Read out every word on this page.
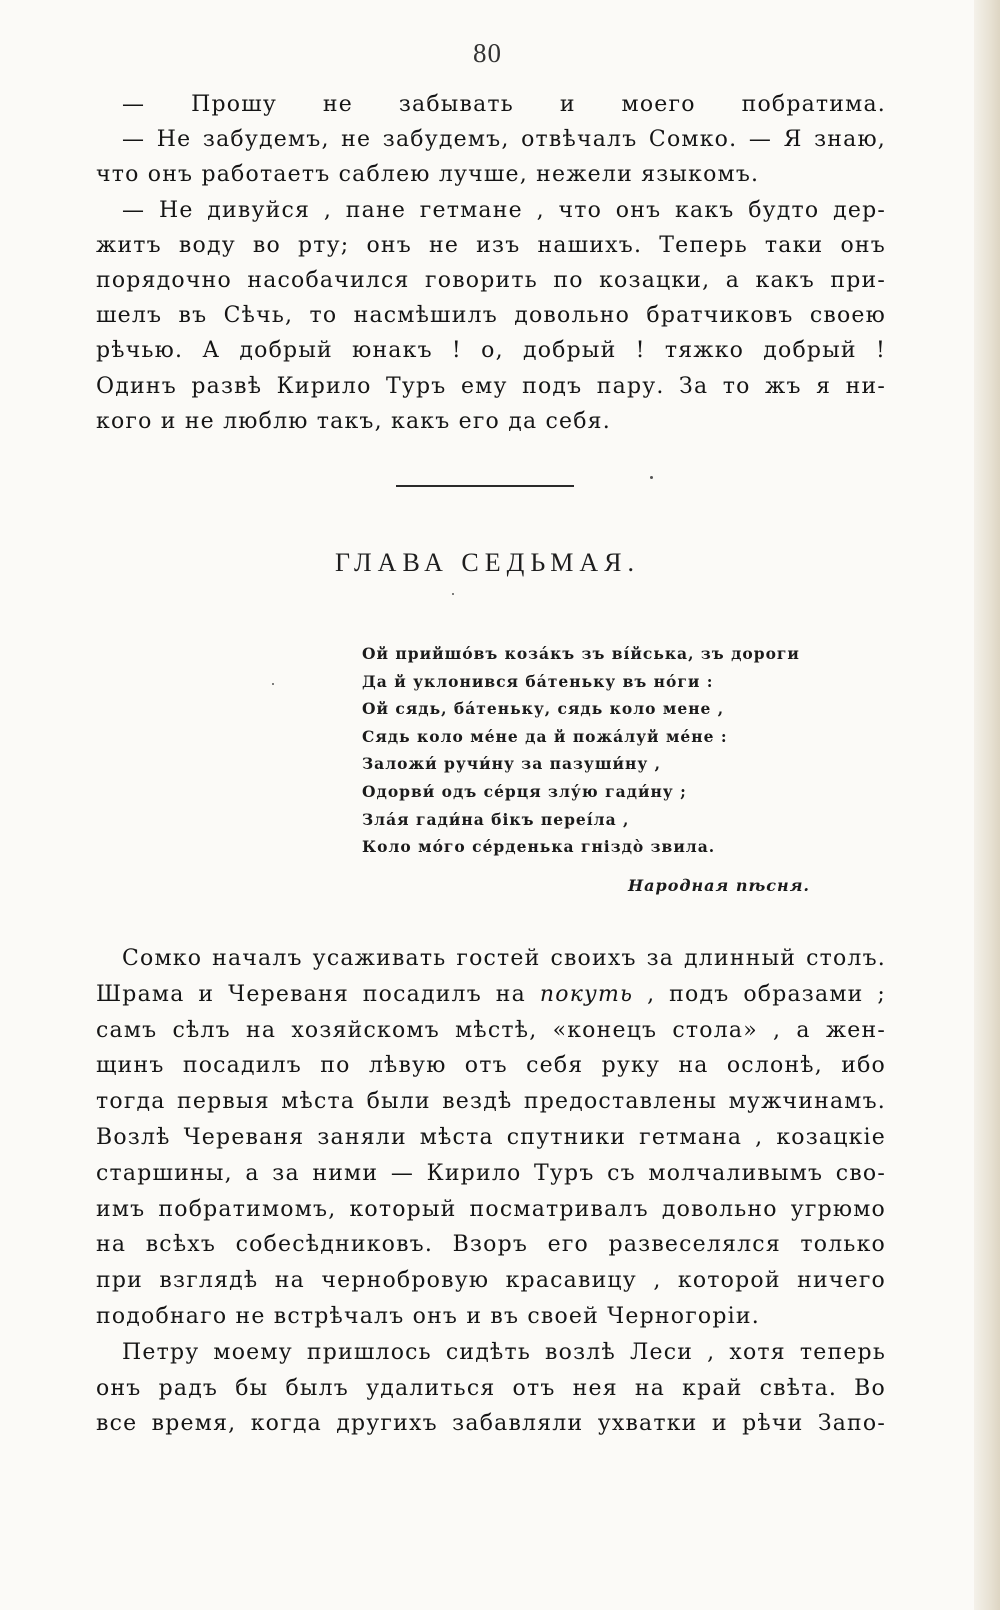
80
— Прошу не забывать и моего побратима.
— Не забудемъ, не забудемъ, отвѣчалъ Сомко. — Я знаю,
что онъ работаетъ саблею лучше, нежели языкомъ.
— Не дивуйся , пане гетмане , что онъ какъ будто дер-
житъ воду во рту; онъ не изъ нашихъ. Теперь таки онъ
порядочно насобачился говорить по козацки, а какъ при-
шелъ въ Сѣчь, то насмѣшилъ довольно братчиковъ своею
рѣчью. А добрый юнакъ ! о, добрый ! тяжко добрый !
Одинъ развѣ Кирило Туръ ему подъ пару. За то жъ я ни-
кого и не люблю такъ, какъ его да себя.
ГЛАВА СЕДЬМАЯ.
Ой прийшо́въ коза́къ зъ ві́йська, зъ дороги
Да й уклонився ба́теньку въ но́ги :
Ой сядь, ба́теньку, сядь коло мене ,
Сядь коло ме́не да й пожа́луй ме́не :
Заложи́ ручи́ну за пазуши́ну ,
Одорви́ одъ се́рця злу́ю гади́ну ;
Зла́я гади́на бікъ переі́ла ,
Коло мо́го се́рденька гніздо̀ звила.
Народная пѣсня.
Сомко началъ усаживать гостей своихъ за длинный столъ.
Шрама и Череваня посадилъ на покуть , подъ образами ;
самъ сѣлъ на хозяйскомъ мѣстѣ, «конецъ стола» , а жен-
щинъ посадилъ по лѣвую отъ себя руку на ослонѣ, ибо
тогда первыя мѣста были вездѣ предоставлены мужчинамъ.
Возлѣ Череваня заняли мѣста спутники гетмана , козацкіе
старшины, а за ними — Кирило Туръ съ молчаливымъ сво-
имъ побратимомъ, который посматривалъ довольно угрюмо
на всѣхъ собесѣдниковъ. Взоръ его развеселялся только
при взглядѣ на чернобровую красавицу , которой ничего
подобнаго не встрѣчалъ онъ и въ своей Черногоріи.
Петру моему пришлось сидѣть возлѣ Леси , хотя теперь
онъ радъ бы былъ удалиться отъ нея на край свѣта. Во
все время, когда другихъ забавляли ухватки и рѣчи Запо-
